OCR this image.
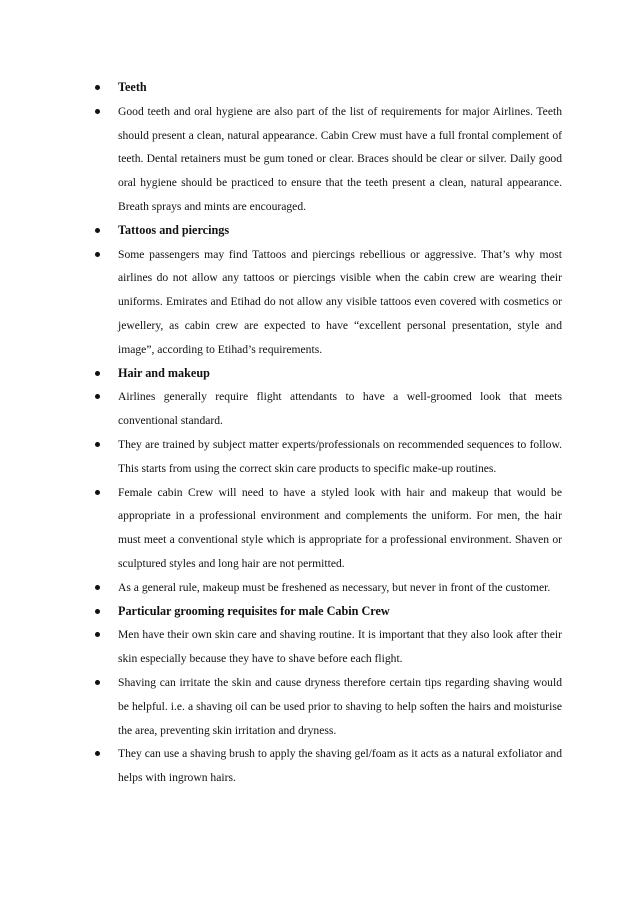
Teeth
Good teeth and oral hygiene are also part of the list of requirements for major Airlines. Teeth should present a clean, natural appearance. Cabin Crew must have a full frontal complement of teeth. Dental retainers must be gum toned or clear. Braces should be clear or silver. Daily good oral hygiene should be practiced to ensure that the teeth present a clean, natural appearance. Breath sprays and mints are encouraged.
Tattoos and piercings
Some passengers may find Tattoos and piercings rebellious or aggressive. That’s why most airlines do not allow any tattoos or piercings visible when the cabin crew are wearing their uniforms. Emirates and Etihad do not allow any visible tattoos even covered with cosmetics or jewellery, as cabin crew are expected to have “excellent personal presentation, style and image”, according to Etihad’s requirements.
Hair and makeup
Airlines generally require flight attendants to have a well-groomed look that meets conventional standard.
They are trained by subject matter experts/professionals on recommended sequences to follow. This starts from using the correct skin care products to specific make-up routines.
Female cabin Crew will need to have a styled look with hair and makeup that would be appropriate in a professional environment and complements the uniform. For men, the hair must meet a conventional style which is appropriate for a professional environment. Shaven or sculptured styles and long hair are not permitted.
As a general rule, makeup must be freshened as necessary, but never in front of the customer.
Particular grooming requisites for male Cabin Crew
Men have their own skin care and shaving routine. It is important that they also look after their skin especially because they have to shave before each flight.
Shaving can irritate the skin and cause dryness therefore certain tips regarding shaving would be helpful. i.e. a shaving oil can be used prior to shaving to help soften the hairs and moisturise the area, preventing skin irritation and dryness.
They can use a shaving brush to apply the shaving gel/foam as it acts as a natural exfoliator and helps with ingrown hairs.
